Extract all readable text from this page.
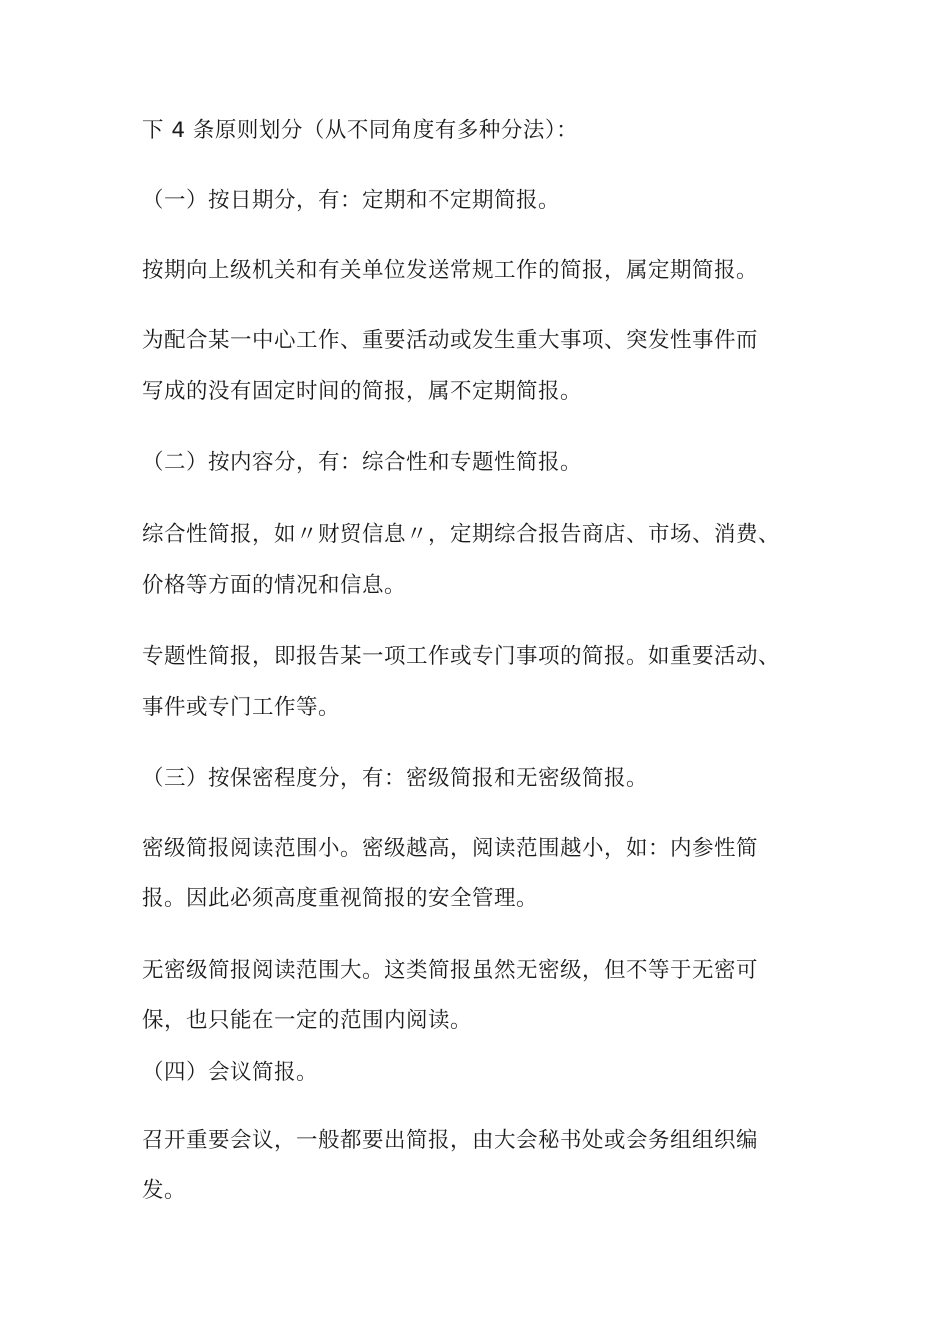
下 4 条原则划分（从不同角度有多种分法）：
（一）按日期分，有：定期和不定期简报。
按期向上级机关和有关单位发送常规工作的简报，属定期简报。
为配合某一中心工作、重要活动或发生重大事项、突发性事件而
写成的没有固定时间的简报，属不定期简报。
（二）按内容分，有：综合性和专题性简报。
综合性简报，如〃财贸信息〃，定期综合报告商店、市场、消费、
价格等方面的情况和信息。
专题性简报，即报告某一项工作或专门事项的简报。如重要活动、
事件或专门工作等。
（三）按保密程度分，有：密级简报和无密级简报。
密级简报阅读范围小。密级越高，阅读范围越小，如：内参性简
报。因此必须高度重视简报的安全管理。
无密级简报阅读范围大。这类简报虽然无密级，但不等于无密可
保，也只能在一定的范围内阅读。
（四）会议简报。
召开重要会议，一般都要出简报，由大会秘书处或会务组组织编
发。
